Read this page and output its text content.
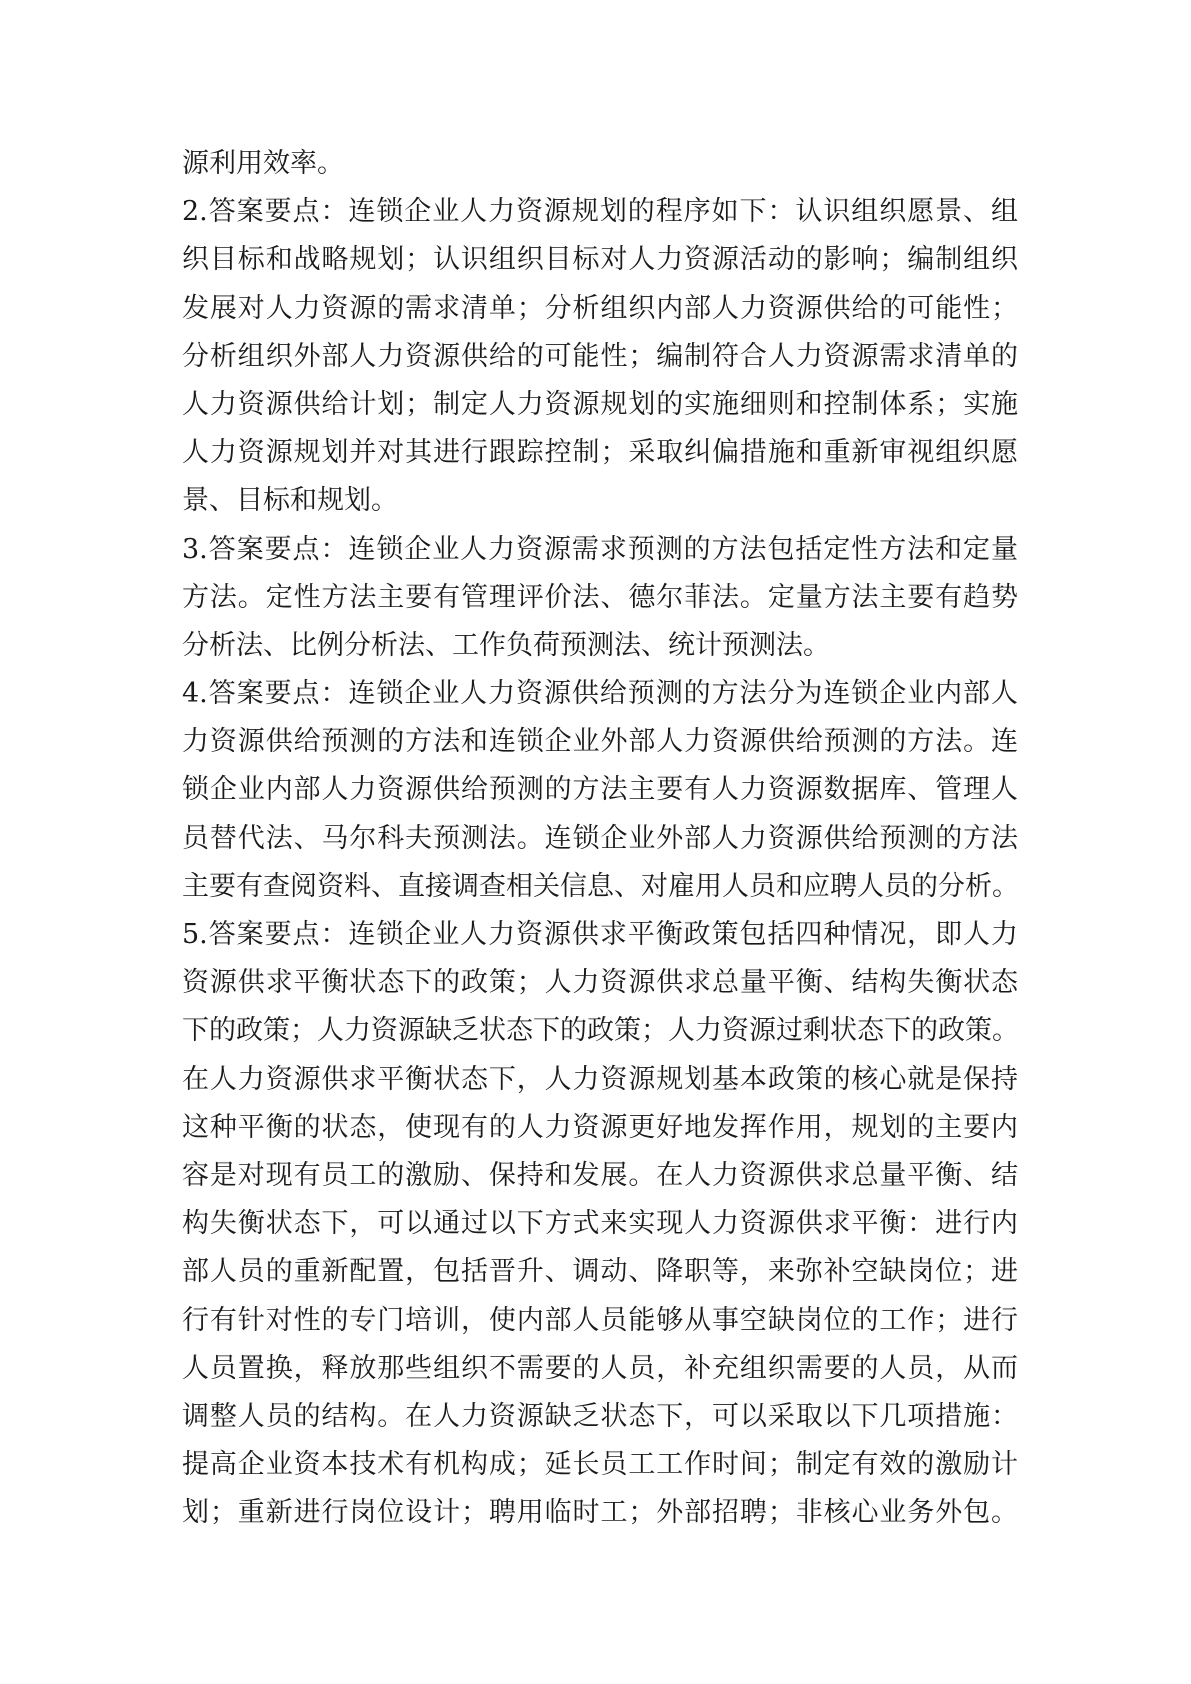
源利用效率。
2.答案要点：连锁企业人力资源规划的程序如下：认识组织愿景、组
织目标和战略规划；认识组织目标对人力资源活动的影响；编制组织
发展对人力资源的需求清单；分析组织内部人力资源供给的可能性；
分析组织外部人力资源供给的可能性；编制符合人力资源需求清单的
人力资源供给计划；制定人力资源规划的实施细则和控制体系；实施
人力资源规划并对其进行跟踪控制；采取纠偏措施和重新审视组织愿
景、目标和规划。
3.答案要点：连锁企业人力资源需求预测的方法包括定性方法和定量
方法。定性方法主要有管理评价法、德尔菲法。定量方法主要有趋势
分析法、比例分析法、工作负荷预测法、统计预测法。
4.答案要点：连锁企业人力资源供给预测的方法分为连锁企业内部人
力资源供给预测的方法和连锁企业外部人力资源供给预测的方法。连
锁企业内部人力资源供给预测的方法主要有人力资源数据库、管理人
员替代法、马尔科夫预测法。连锁企业外部人力资源供给预测的方法
主要有查阅资料、直接调查相关信息、对雇用人员和应聘人员的分析。
5.答案要点：连锁企业人力资源供求平衡政策包括四种情况，即人力
资源供求平衡状态下的政策；人力资源供求总量平衡、结构失衡状态
下的政策；人力资源缺乏状态下的政策；人力资源过剩状态下的政策。
在人力资源供求平衡状态下，人力资源规划基本政策的核心就是保持
这种平衡的状态，使现有的人力资源更好地发挥作用，规划的主要内
容是对现有员工的激励、保持和发展。在人力资源供求总量平衡、结
构失衡状态下，可以通过以下方式来实现人力资源供求平衡：进行内
部人员的重新配置，包括晋升、调动、降职等，来弥补空缺岗位；进
行有针对性的专门培训，使内部人员能够从事空缺岗位的工作；进行
人员置换，释放那些组织不需要的人员，补充组织需要的人员，从而
调整人员的结构。在人力资源缺乏状态下，可以采取以下几项措施：
提高企业资本技术有机构成；延长员工工作时间；制定有效的激励计
划；重新进行岗位设计；聘用临时工；外部招聘；非核心业务外包。
